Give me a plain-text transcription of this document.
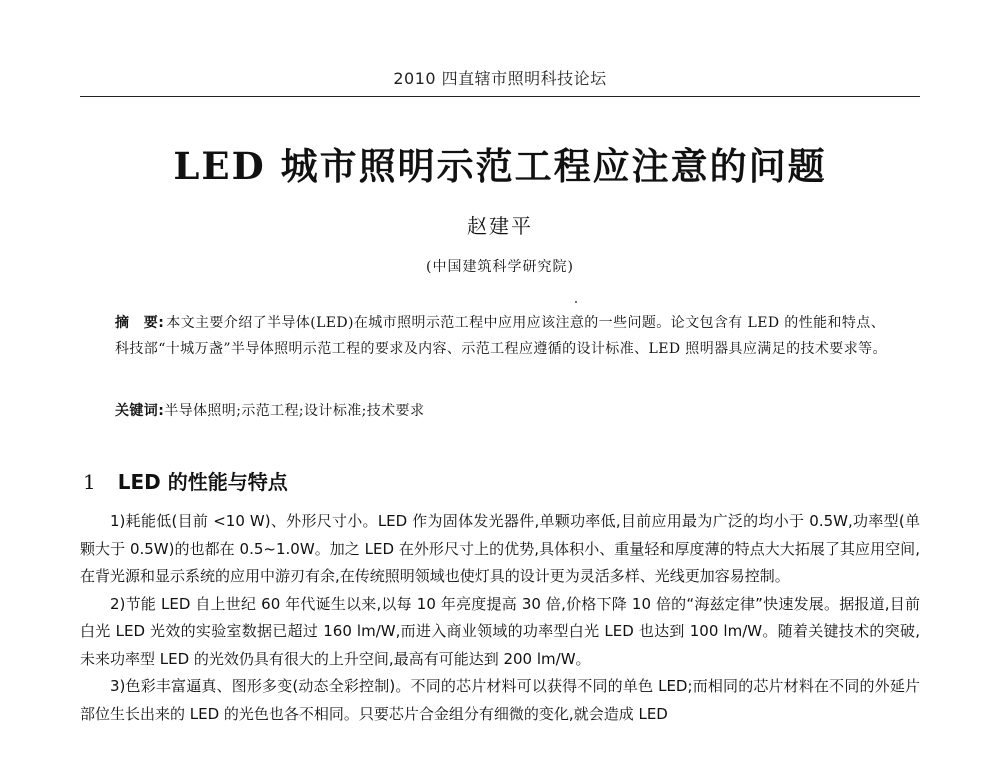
2010 四直辖市照明科技论坛
LED 城市照明示范工程应注意的问题
赵建平
(中国建筑科学研究院)
摘　要: 本文主要介绍了半导体(LED)在城市照明示范工程中应用应该注意的一些问题。论文包含有 LED 的性能和特点、科技部“十城万盏”半导体照明示范工程的要求及内容、示范工程应遵循的设计标准、LED 照明器具应满足的技术要求等。
关键词:半导体照明;示范工程;设计标准;技术要求
1 LED 的性能与特点

1)耗能低(目前 <10 W)、外形尺寸小。LED 作为固体发光器件,单颗功率低,目前应用最为广泛的均小于 0.5W,功率型(单颗大于 0.5W)的也都在 0.5~1.0W。加之 LED 在外形尺寸上的优势,具体积小、重量轻和厚度薄的特点大大拓展了其应用空间,在背光源和显示系统的应用中游刃有余,在传统照明领域也使灯具的设计更为灵活多样、光线更加容易控制。

2)节能 LED 自上世纪 60 年代诞生以来,以每 10 年亮度提高 30 倍,价格下降 10 倍的“海兹定律”快速发展。据报道,目前白光 LED 光效的实验室数据已超过 160 lm/W,而进入商业领域的功率型白光 LED 也达到 100 lm/W。随着关键技术的突破,未来功率型 LED 的光效仍具有很大的上升空间,最高有可能达到 200 lm/W。

3)色彩丰富逼真、图形多变(动态全彩控制)。不同的芯片材料可以获得不同的单色 LED;而相同的芯片材料在不同的外延片部位生长出来的 LED 的光色也各不相同。只要芯片合金组分有细微的变化,就会造成 LED
